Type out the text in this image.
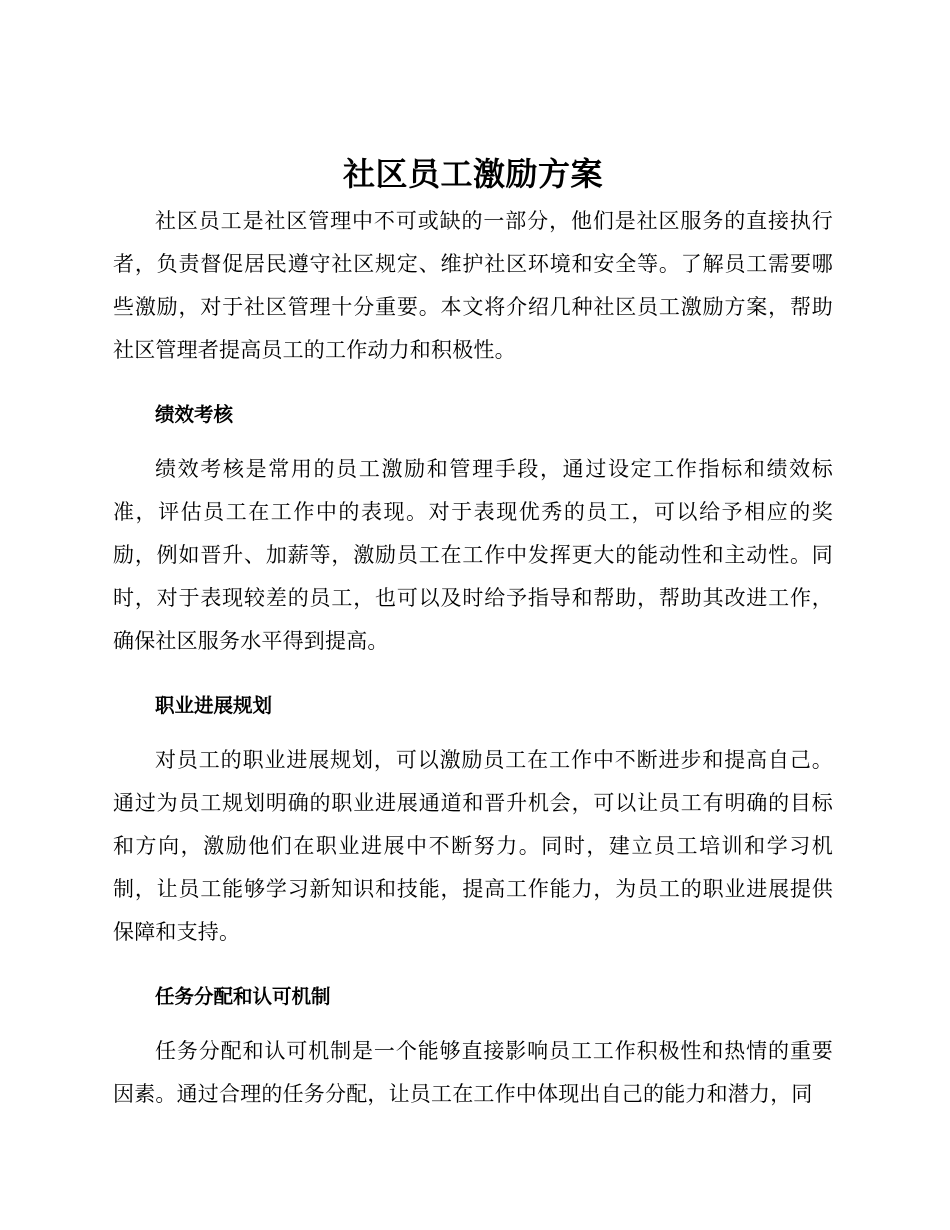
社区员工激励方案

社区员工是社区管理中不可或缺的一部分，他们是社区服务的直接执行者，负责督促居民遵守社区规定、维护社区环境和安全等。了解员工需要哪些激励，对于社区管理十分重要。本文将介绍几种社区员工激励方案，帮助社区管理者提高员工的工作动力和积极性。

绩效考核

绩效考核是常用的员工激励和管理手段，通过设定工作指标和绩效标准，评估员工在工作中的表现。对于表现优秀的员工，可以给予相应的奖励，例如晋升、加薪等，激励员工在工作中发挥更大的能动性和主动性。同时，对于表现较差的员工，也可以及时给予指导和帮助，帮助其改进工作，确保社区服务水平得到提高。

职业进展规划

对员工的职业进展规划，可以激励员工在工作中不断进步和提高自己。通过为员工规划明确的职业进展通道和晋升机会，可以让员工有明确的目标和方向，激励他们在职业进展中不断努力。同时，建立员工培训和学习机制，让员工能够学习新知识和技能，提高工作能力，为员工的职业进展提供保障和支持。

任务分配和认可机制

任务分配和认可机制是一个能够直接影响员工工作积极性和热情的重要因素。通过合理的任务分配，让员工在工作中体现出自己的能力和潜力，同
